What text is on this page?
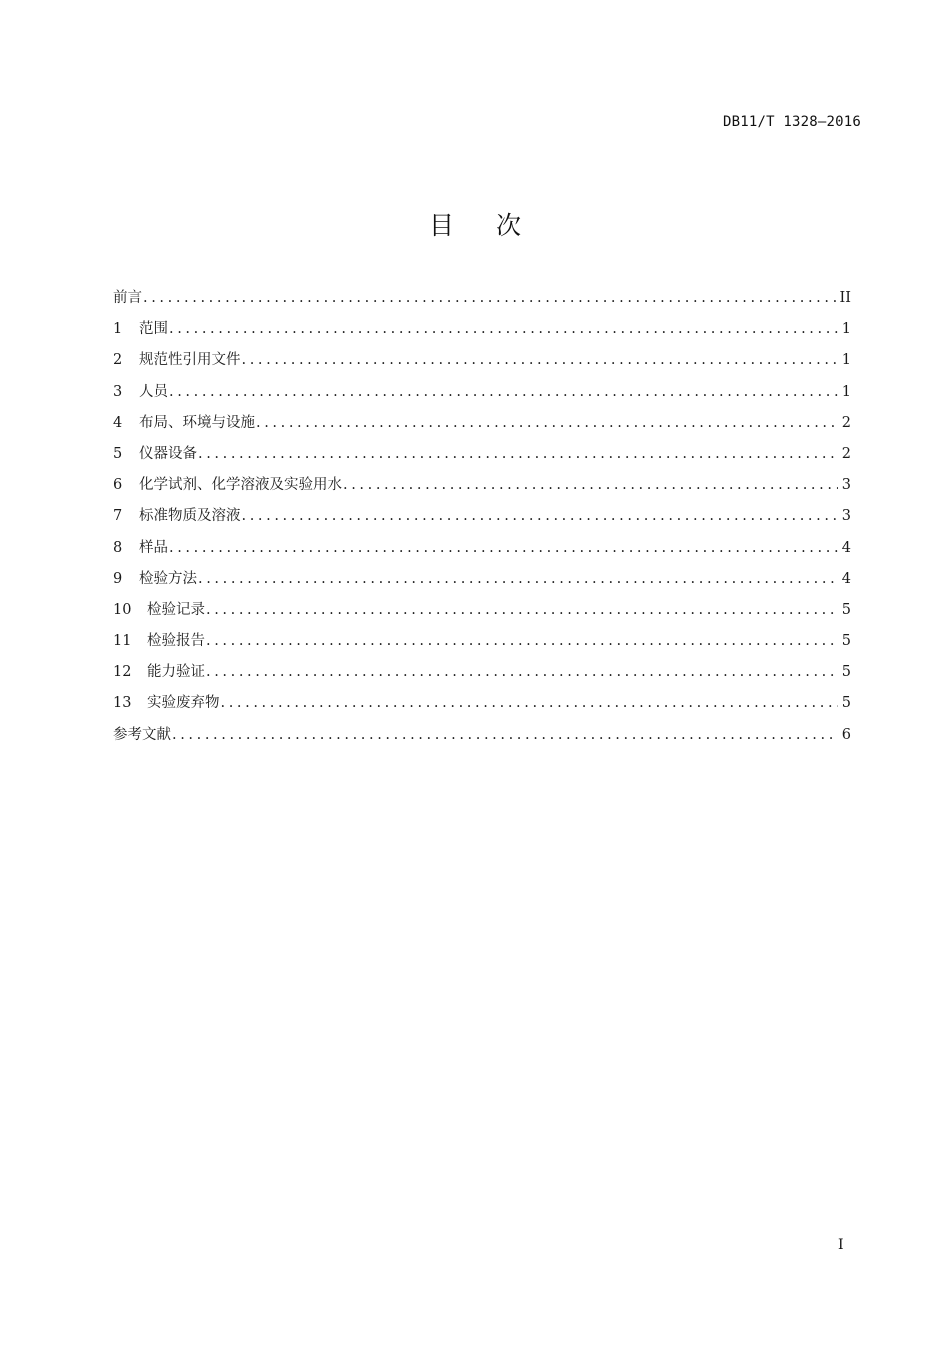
DB11/T 1328—2016
目次
前言 .....	II
1	范围 .....	1
2	规范性引用文件 .....	1
3	人员 .....	1
4	布局、环境与设施 .....	2
5	仪器设备 .....	2
6	化学试剂、化学溶液及实验用水 .....	3
7	标准物质及溶液 .....	3
8	样品 .....	4
9	检验方法 .....	4
10	检验记录 .....	5
11	检验报告 .....	5
12	能力验证 .....	5
13	实验废弃物 .....	5
参考文献 .....	6
I
